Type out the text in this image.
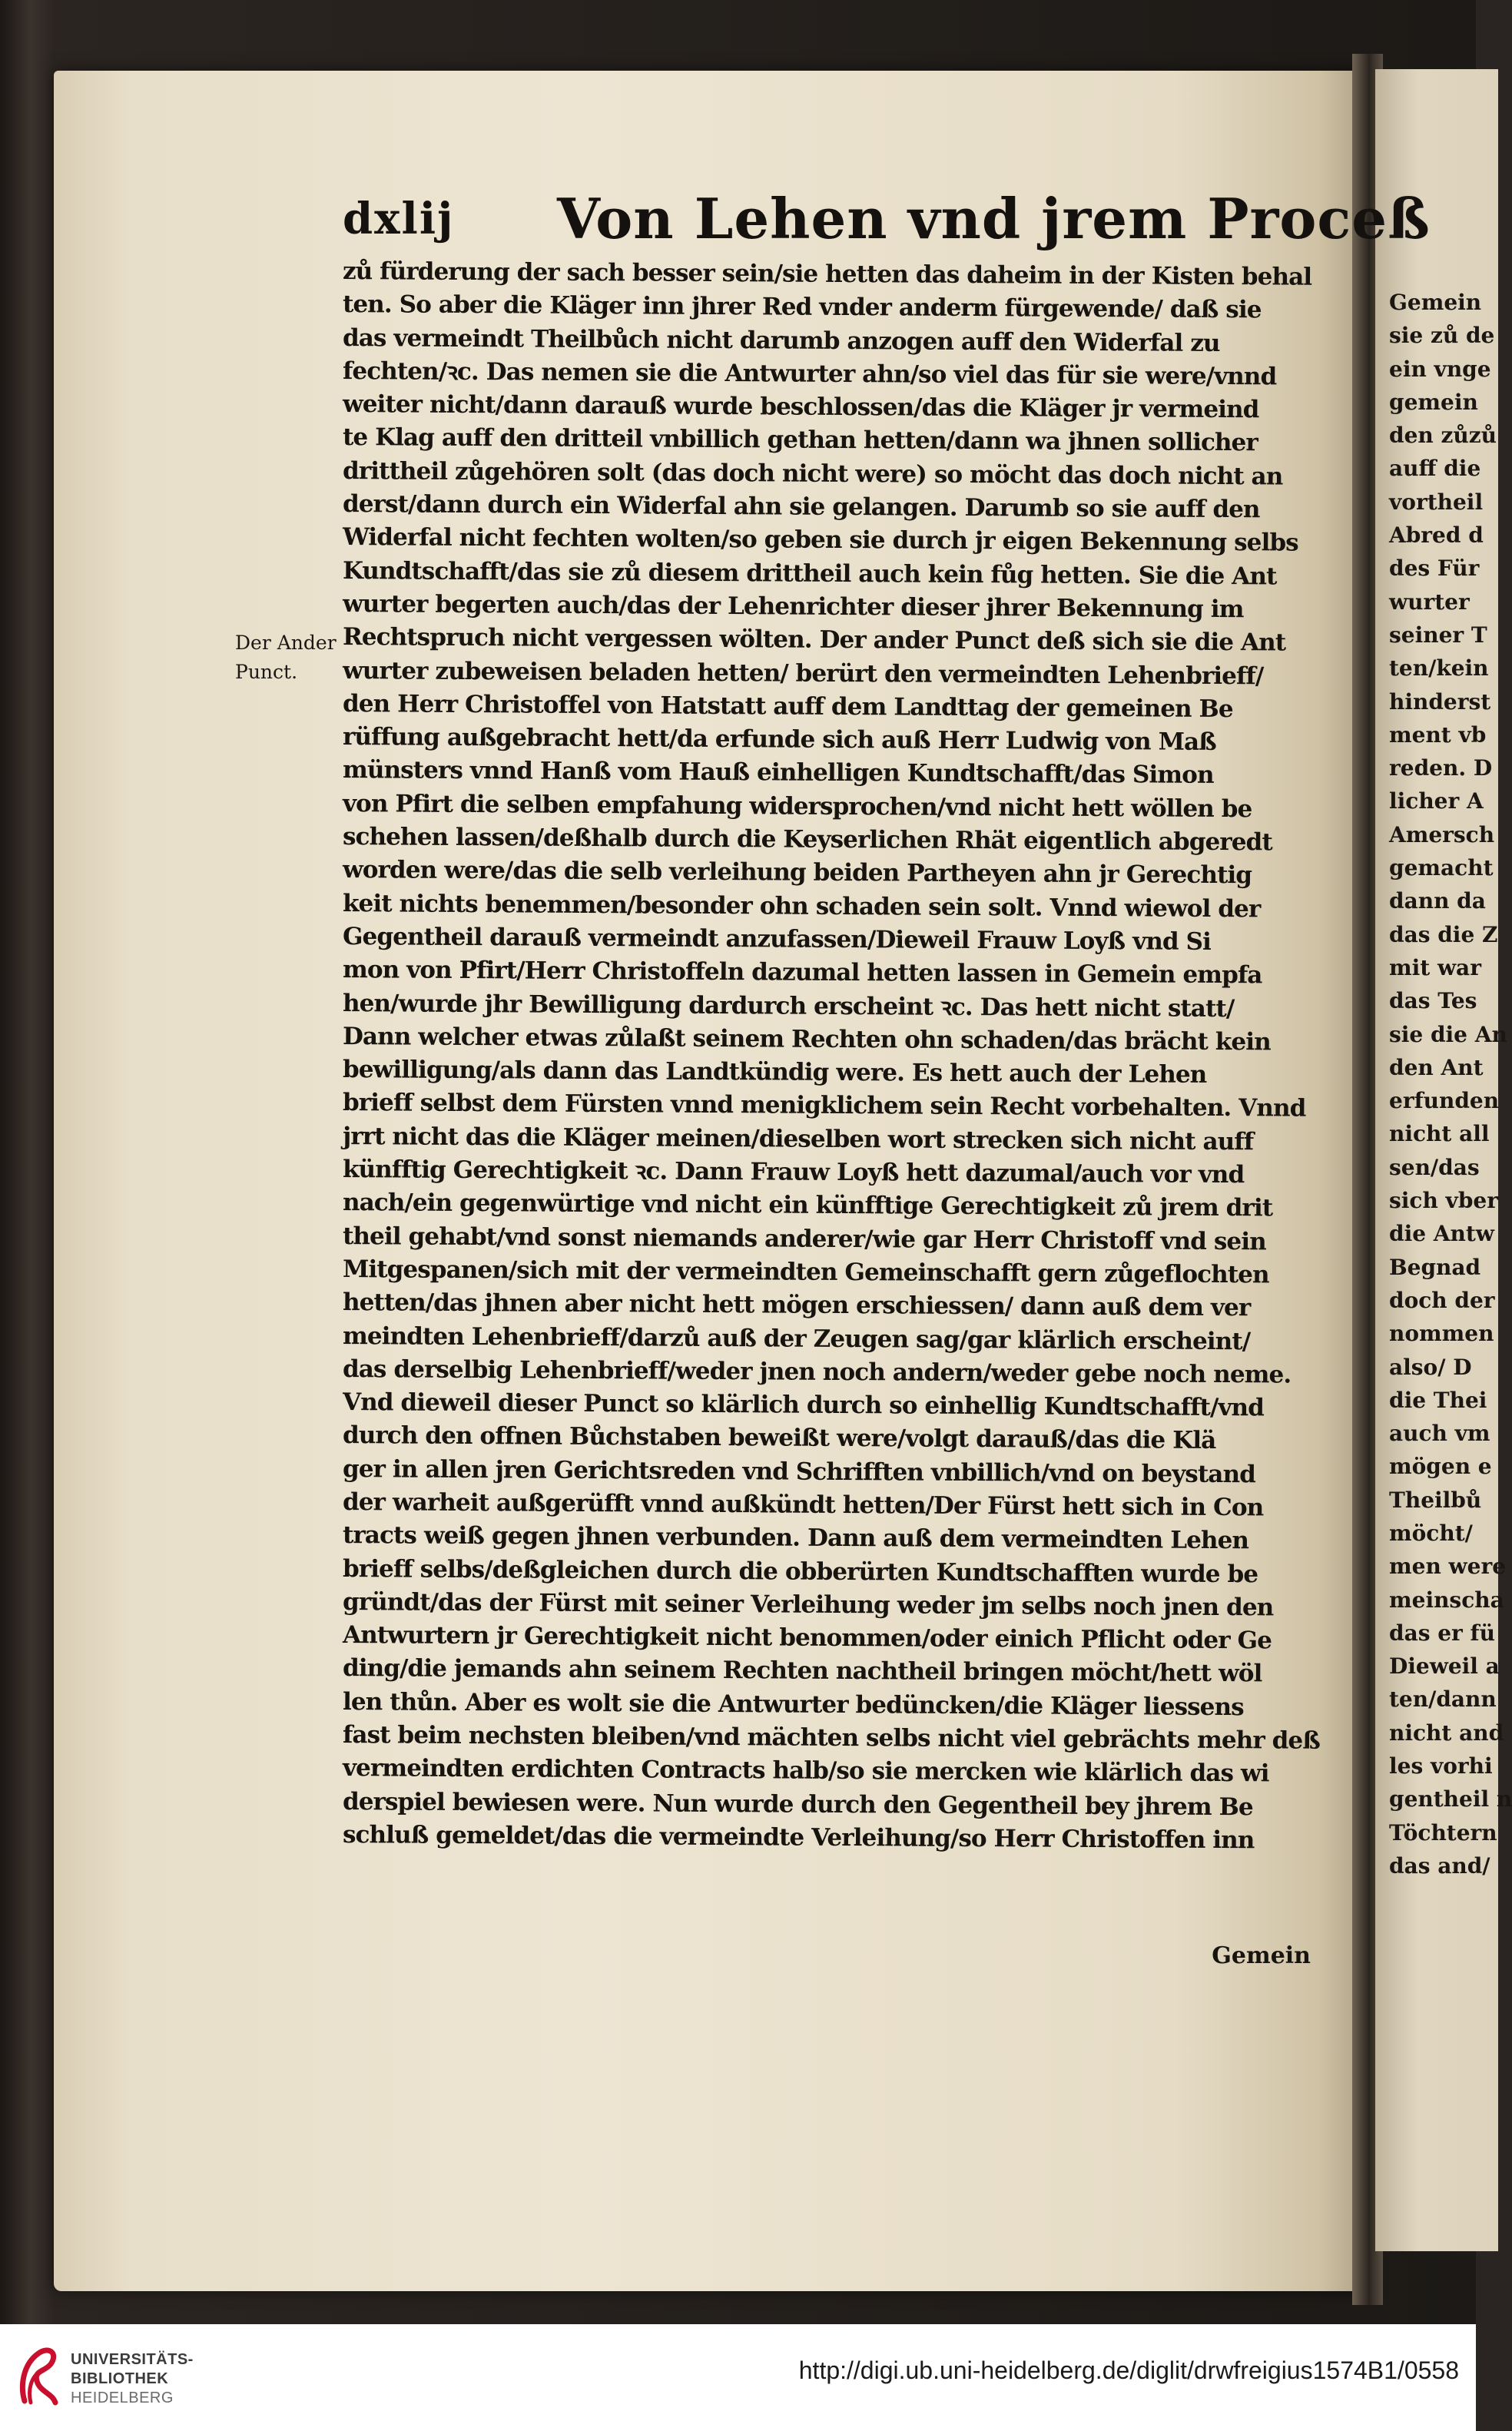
dxlij Von Lehen vnd jrem Proceß
Der Ander
Punct.
zů fürderung der sach besser sein/sie hetten das daheim in der Kisten behal
ten. So aber die Kläger inn jhrer Red vnder anderm fürgewende/ daß sie
das vermeindt Theilbůch nicht darumb anzogen auff den Widerfal zu
fechten/ꝛc. Das nemen sie die Antwurter ahn/so viel das für sie were/vnnd
weiter nicht/dann darauß wurde beschlossen/das die Kläger jr vermeind
te Klag auff den dritteil vnbillich gethan hetten/dann wa jhnen sollicher
drittheil zůgehören solt (das doch nicht were) so möcht das doch nicht an
derst/dann durch ein Widerfal ahn sie gelangen. Darumb so sie auff den
Widerfal nicht fechten wolten/so geben sie durch jr eigen Bekennung selbs
Kundtschafft/das sie zů diesem drittheil auch kein fůg hetten. Sie die Ant
wurter begerten auch/das der Lehenrichter dieser jhrer Bekennung im
Rechtspruch nicht vergessen wölten. Der ander Punct deß sich sie die Ant
wurter zubeweisen beladen hetten/ berürt den vermeindten Lehenbrieff/
den Herr Christoffel von Hatstatt auff dem Landttag der gemeinen Be
rüffung außgebracht hett/da erfunde sich auß Herr Ludwig von Maß
münsters vnnd Hanß vom Hauß einhelligen Kundtschafft/das Simon
von Pfirt die selben empfahung widersprochen/vnd nicht hett wöllen be
schehen lassen/deßhalb durch die Keyserlichen Rhät eigentlich abgeredt
worden were/das die selb verleihung beiden Partheyen ahn jr Gerechtig
keit nichts benemmen/besonder ohn schaden sein solt. Vnnd wiewol der
Gegentheil darauß vermeindt anzufassen/Dieweil Frauw Loyß vnd Si
mon von Pfirt/Herr Christoffeln dazumal hetten lassen in Gemein empfa
hen/wurde jhr Bewilligung dardurch erscheint ꝛc. Das hett nicht statt/
Dann welcher etwas zůlaßt seinem Rechten ohn schaden/das brächt kein
bewilligung/als dann das Landtkündig were. Es hett auch der Lehen
brieff selbst dem Fürsten vnnd menigklichem sein Recht vorbehalten. Vnnd
jrrt nicht das die Kläger meinen/dieselben wort strecken sich nicht auff
künfftig Gerechtigkeit ꝛc. Dann Frauw Loyß hett dazumal/auch vor vnd
nach/ein gegenwürtige vnd nicht ein künfftige Gerechtigkeit zů jrem drit
theil gehabt/vnd sonst niemands anderer/wie gar Herr Christoff vnd sein
Mitgespanen/sich mit der vermeindten Gemeinschafft gern zůgeflochten
hetten/das jhnen aber nicht hett mögen erschiessen/ dann auß dem ver
meindten Lehenbrieff/darzů auß der Zeugen sag/gar klärlich erscheint/
das derselbig Lehenbrieff/weder jnen noch andern/weder gebe noch neme.
Vnd dieweil dieser Punct so klärlich durch so einhellig Kundtschafft/vnd
durch den offnen Bůchstaben beweißt were/volgt darauß/das die Klä
ger in allen jren Gerichtsreden vnd Schrifften vnbillich/vnd on beystand
der warheit außgerüfft vnnd außkündt hetten/Der Fürst hett sich in Con
tracts weiß gegen jhnen verbunden. Dann auß dem vermeindten Lehen
brieff selbs/deßgleichen durch die obberürten Kundtschafften wurde be
gründt/das der Fürst mit seiner Verleihung weder jm selbs noch jnen den
Antwurtern jr Gerechtigkeit nicht benommen/oder einich Pflicht oder Ge
ding/die jemands ahn seinem Rechten nachtheil bringen möcht/hett wöl
len thůn. Aber es wolt sie die Antwurter bedüncken/die Kläger liessens
fast beim nechsten bleiben/vnd mächten selbs nicht viel gebrächts mehr deß
vermeindten erdichten Contracts halb/so sie mercken wie klärlich das wi
derspiel bewiesen were. Nun wurde durch den Gegentheil bey jhrem Be
schluß gemeldet/das die vermeindte Verleihung/so Herr Christoffen inn
Gemein
Gemein
sie zů de
ein vnge
gemein
den zůzů
auff die
vortheil
Abred d
des Für
wurter
seiner T
ten/kein
hinderst
ment vb
reden. D
licher A
Amersch
gemacht
dann da
das die Z
mit war
das Tes
sie die An
den Ant
erfunden
nicht all
sen/das
sich vber
die Antw
Begnad
doch der
nommen
also/ D
die Thei
auch vm
mögen e
Theilbů
möcht/
men were
meinscha
das er fü
Dieweil a
ten/dann
nicht and
les vorhi
gentheil n
Töchtern
das and/
UNIVERSITÄTS-
BIBLIOTHEK
HEIDELBERG
http://digi.ub.uni-heidelberg.de/diglit/drwfreigius1574B1/0558
